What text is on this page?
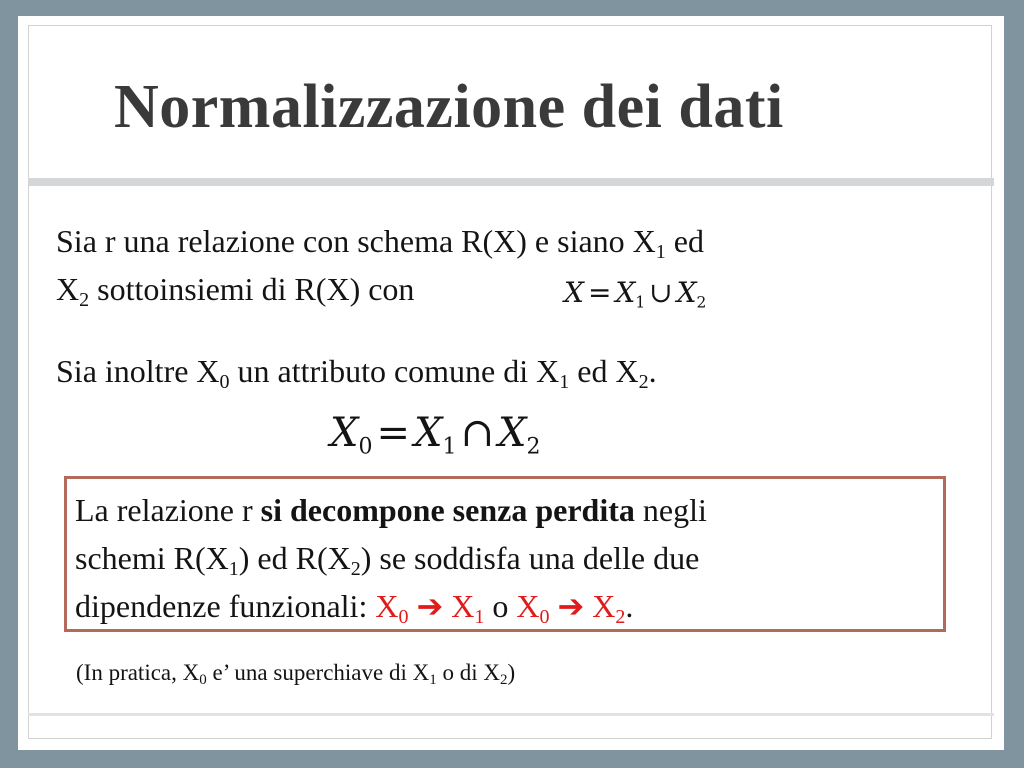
Normalizzazione dei dati
Sia r una relazione con schema R(X) e siano $X_1$ ed
$X_2$ sottoinsiemi di R(X) con	X = X1 ∪ X2
Sia inoltre $X_0$ un attributo comune di $X_1$ ed $X_2$.
X0 = X1 ∩ X2
La relazione r si decompone senza perdita negli
schemi $R(X_1)$ ed $R(X_2)$ se soddisfa una delle due
dipendenze funzionali: $X_0$ ➔ $X_1$ o $X_0$ ➔ $X_2$.
(In pratica, $X_0$ e’ una superchiave di $X_1$ o di $X_2$)
